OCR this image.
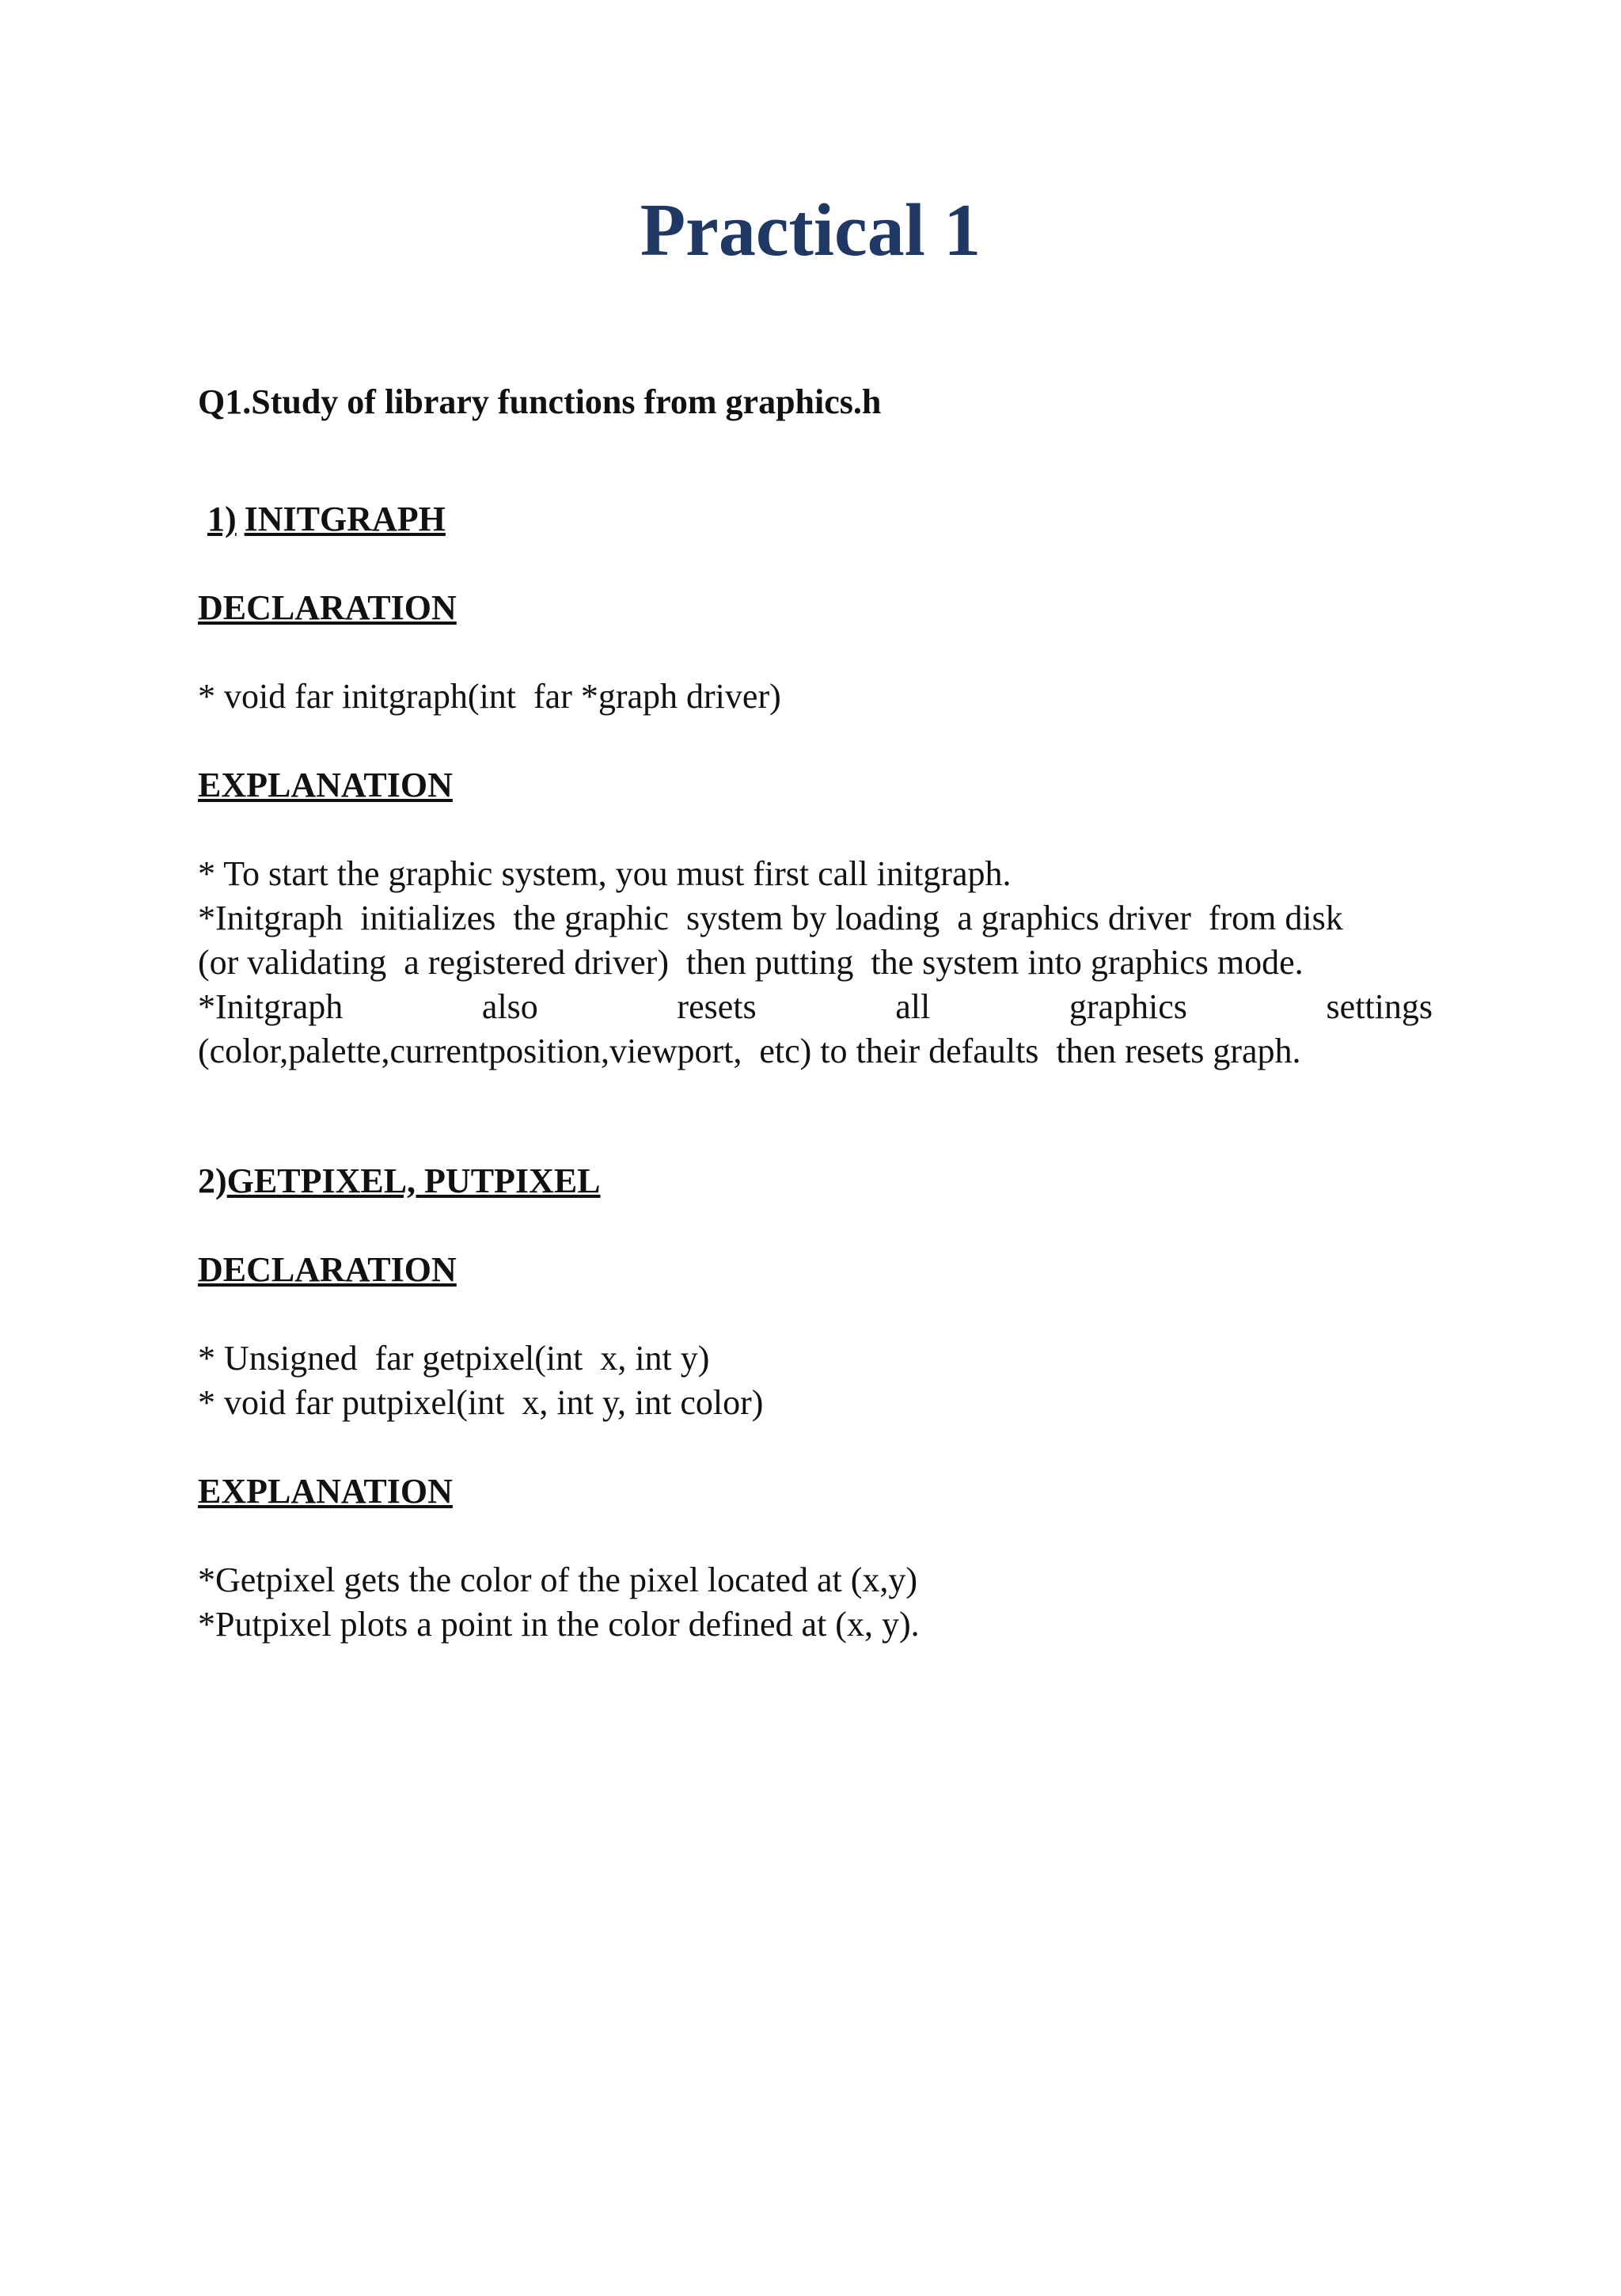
Practical 1

Q1.Study of library functions from graphics.h

1) INITGRAPH

DECLARATION

* void far initgraph(int  far *graph driver)

EXPLANATION

* To start the graphic system, you must first call initgraph.

*Initgraph  initializes  the graphic  system by loading  a graphics driver  from disk

(or validating  a registered driver)  then putting  the system into graphics mode.

*Initgraph also resets all graphics settings

(color,palette,currentposition,viewport,  etc) to their defaults  then resets graph.

2)GETPIXEL, PUTPIXEL

DECLARATION

* Unsigned  far getpixel(int  x, int y)

* void far putpixel(int  x, int y, int color)

EXPLANATION

*Getpixel gets the color of the pixel located at (x,y)

*Putpixel plots a point in the color defined at (x, y).
